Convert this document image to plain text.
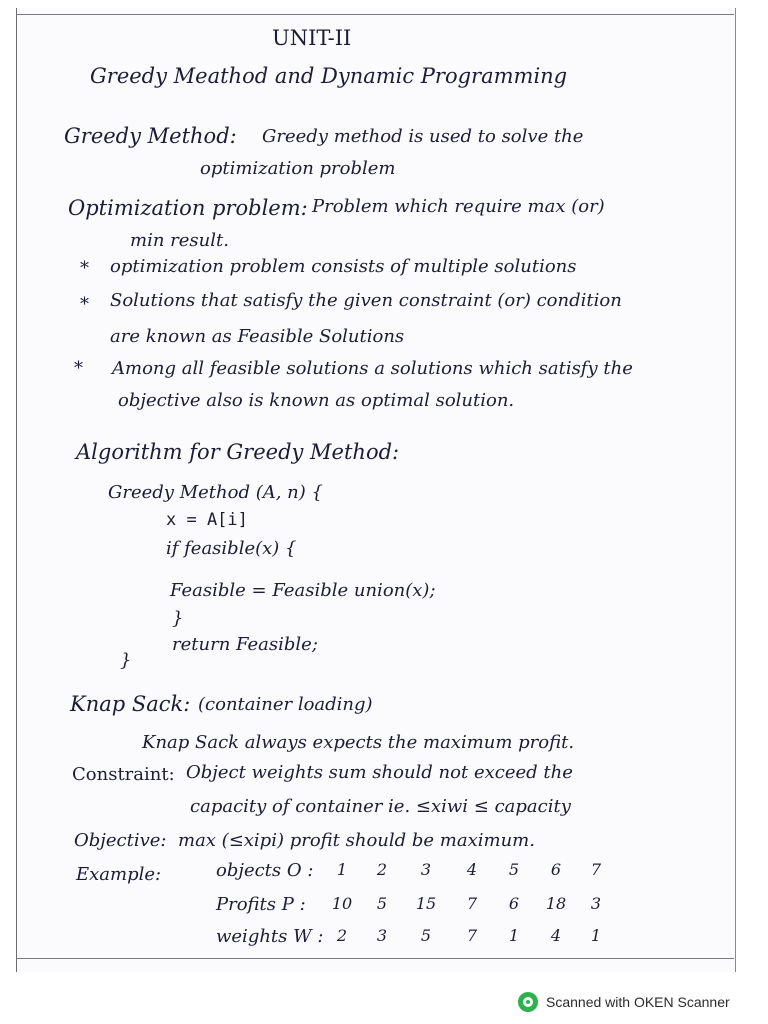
UNIT-II
Greedy Meathod and Dynamic Programming
Greedy Method: Greedy method is used to solve the
optimization problem
Optimization problem: Problem which require max (or)
min result.
* optimization problem consists of multiple solutions
* Solutions that satisfy the given constraint (or) condition
are known as Feasible Solutions
* Among all feasible solutions a solutions which satisfy the
objective also is known as optimal solution.
Algorithm for Greedy Method:
Greedy Method (A, n) {
x = A[i]
if feasible(x) {
Feasible = Feasible union(x);
}
return Feasible;
}
Knap Sack: (container loading)
Knap Sack always expects the maximum profit.
Constraint: Object weights sum should not exceed the
capacity of container ie. ≤xiwi ≤ capacity
Objective: max (≤xipi) profit should be maximum.
Example:	objects O :	1	2	3	4	5	6	7
Profits P :	10	5	15	7	6	18	3
weights W : 2	3	5	7	1	4	1
Scanned with OKEN Scanner
